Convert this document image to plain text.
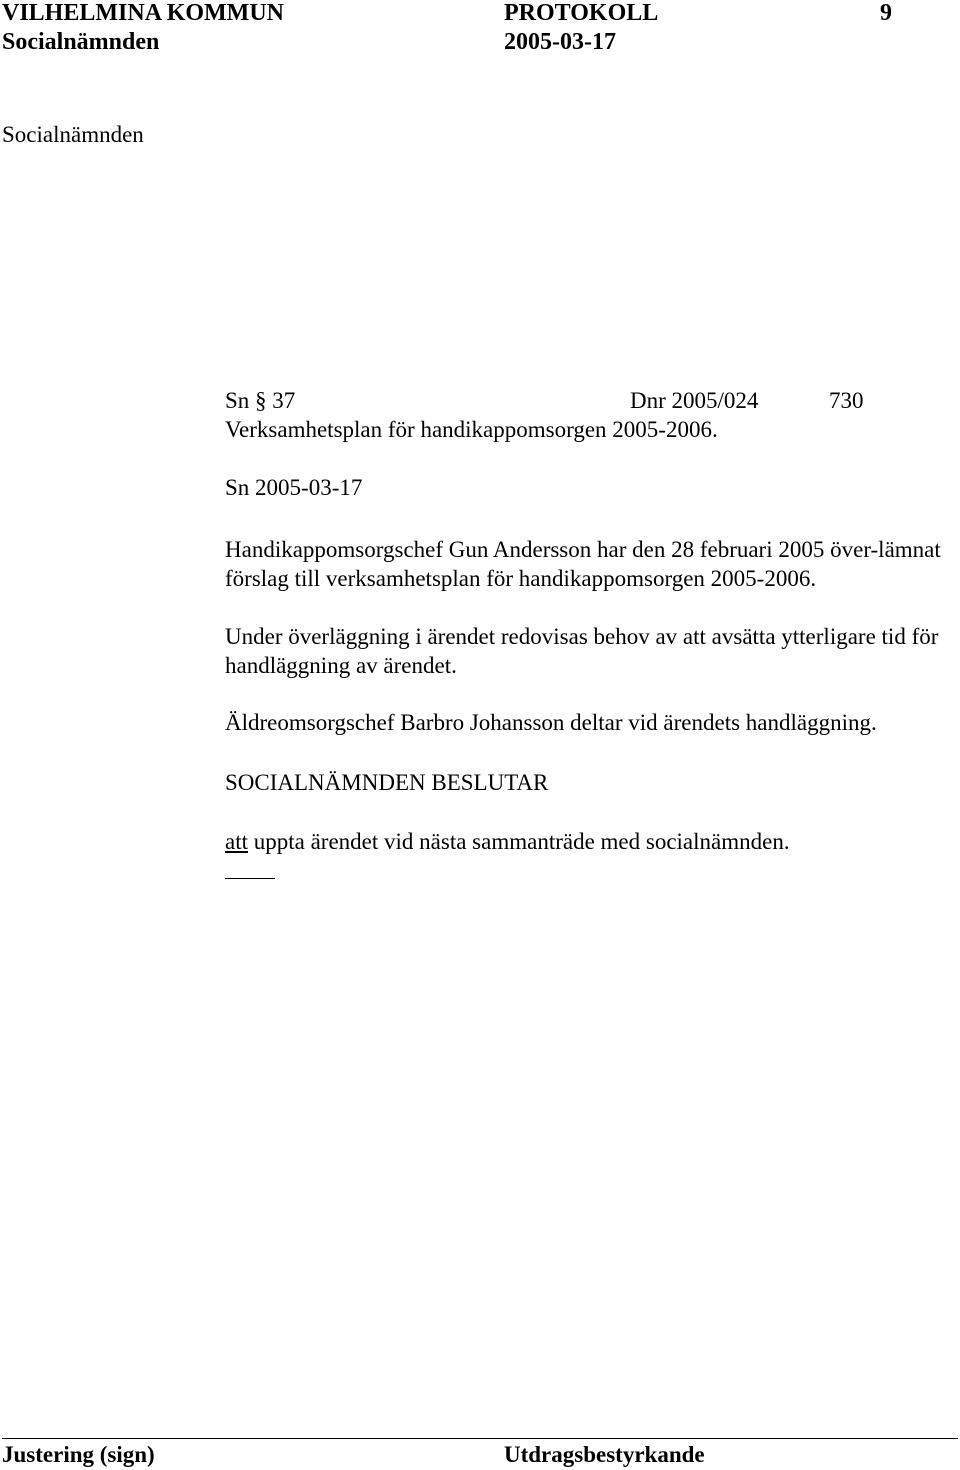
VILHELMINA KOMMUN	PROTOKOLL	9
Socialnämnden	2005-03-17
Socialnämnden
Sn § 37	Dnr 2005/024	730
Verksamhetsplan för handikappomsorgen 2005-2006.
Sn 2005-03-17
Handikappomsorgschef Gun Andersson har den 28 februari 2005 över-lämnat förslag till verksamhetsplan för handikappomsorgen 2005-2006.
Under överläggning i ärendet redovisas behov av att avsätta ytterligare tid för handläggning av ärendet.
Äldreomsorgschef Barbro Johansson deltar vid ärendets handläggning.
SOCIALNÄMNDEN BESLUTAR
att uppta ärendet vid nästa sammanträde med socialnämnden.
Justering (sign)	Utdragsbestyrkande
